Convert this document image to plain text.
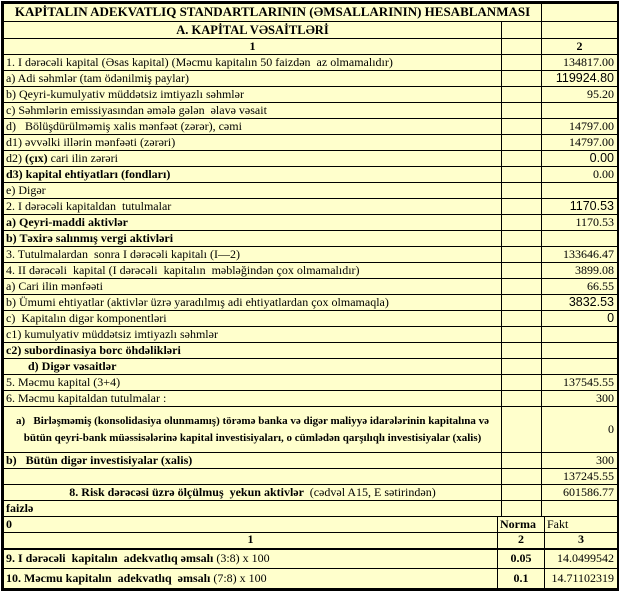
KAPİTALIN ADEKVATLIQ STANDARTLARININ (ƏMSALLARININ) HESABLANMASI		
A. KAPİTAL VƏSAİTLƏRİ		
1		2
1. I dərəcəli kapital (Əsas kapital) (Məcmu kapitalın 50 faizdən  az olmamalıdır)		134817.00
a) Adi səhmlər (tam ödənilmiş paylar)		119924.80
b) Qeyri-kumulyativ müddətsiz imtiyazlı səhmlər		95.20
c) Səhmlərin emissiyasından əmələ gələn  əlavə vəsait		
d)   Bölüşdürülməmiş xalis mənfəət (zərər), cəmi		14797.00
d1) əvvəlki illərin mənfəəti (zərəri)		14797.00
d2) (çıx) cari ilin zərəri		0.00
d3) kapital ehtiyatları (fondları)		0.00
e) Digər		
2. I dərəcəli kapitaldan  tutulmalar		1170.53
a) Qeyri-maddi aktivlər		1170.53
b) Təxirə salınmış vergi aktivləri		
3. Tutulmalardan  sonra I dərəcəli kapitalı (I—2)		133646.47
4. II dərəcəli  kapital (I dərəcəli  kapitalın  məbləğindən çox olmamalıdır)		3899.08
a) Cari ilin mənfəəti		66.55
b) Ümumi ehtiyatlar (aktivlər üzrə yaradılmış adi ehtiyatlardan çox olmamaqla)		3832.53
c)  Kapitalın digər komponentləri		0
c1) kumulyativ müddətsiz imtiyazlı səhmlər		
c2) subordinasiya borc öhdəlikləri		
d) Digər vəsaitlər		
5. Məcmu kapital (3+4)		137545.55
6. Məcmu kapitaldan tutulmalar :		300
a)   Birləşməmiş (konsolidasiya olunmamış) törəmə banka və digər maliyyə idarələrinin kapitalına və bütün qeyri-bank müəssisələrinə kapital investisiyaları, o cümlədən qarşılıqlı investisiyalar (xalis)		0
b)   Bütün digər investisiyalar (xalis)		300
		137245.55
8. Risk dərəcəsi üzrə ölçülmuş  yekun aktivlər  (cədvəl A15, E sətirindən)		601586.77
faizlə		
0	Norma	Fakt
1	2	3
9. I dərəcəli  kapitalın  adekvatlıq əmsalı (3:8) x 100	0.05	14.0499542
10. Məcmu kapitalın  adekvatlıq  əmsalı (7:8) x 100	0.1	14.71102319
